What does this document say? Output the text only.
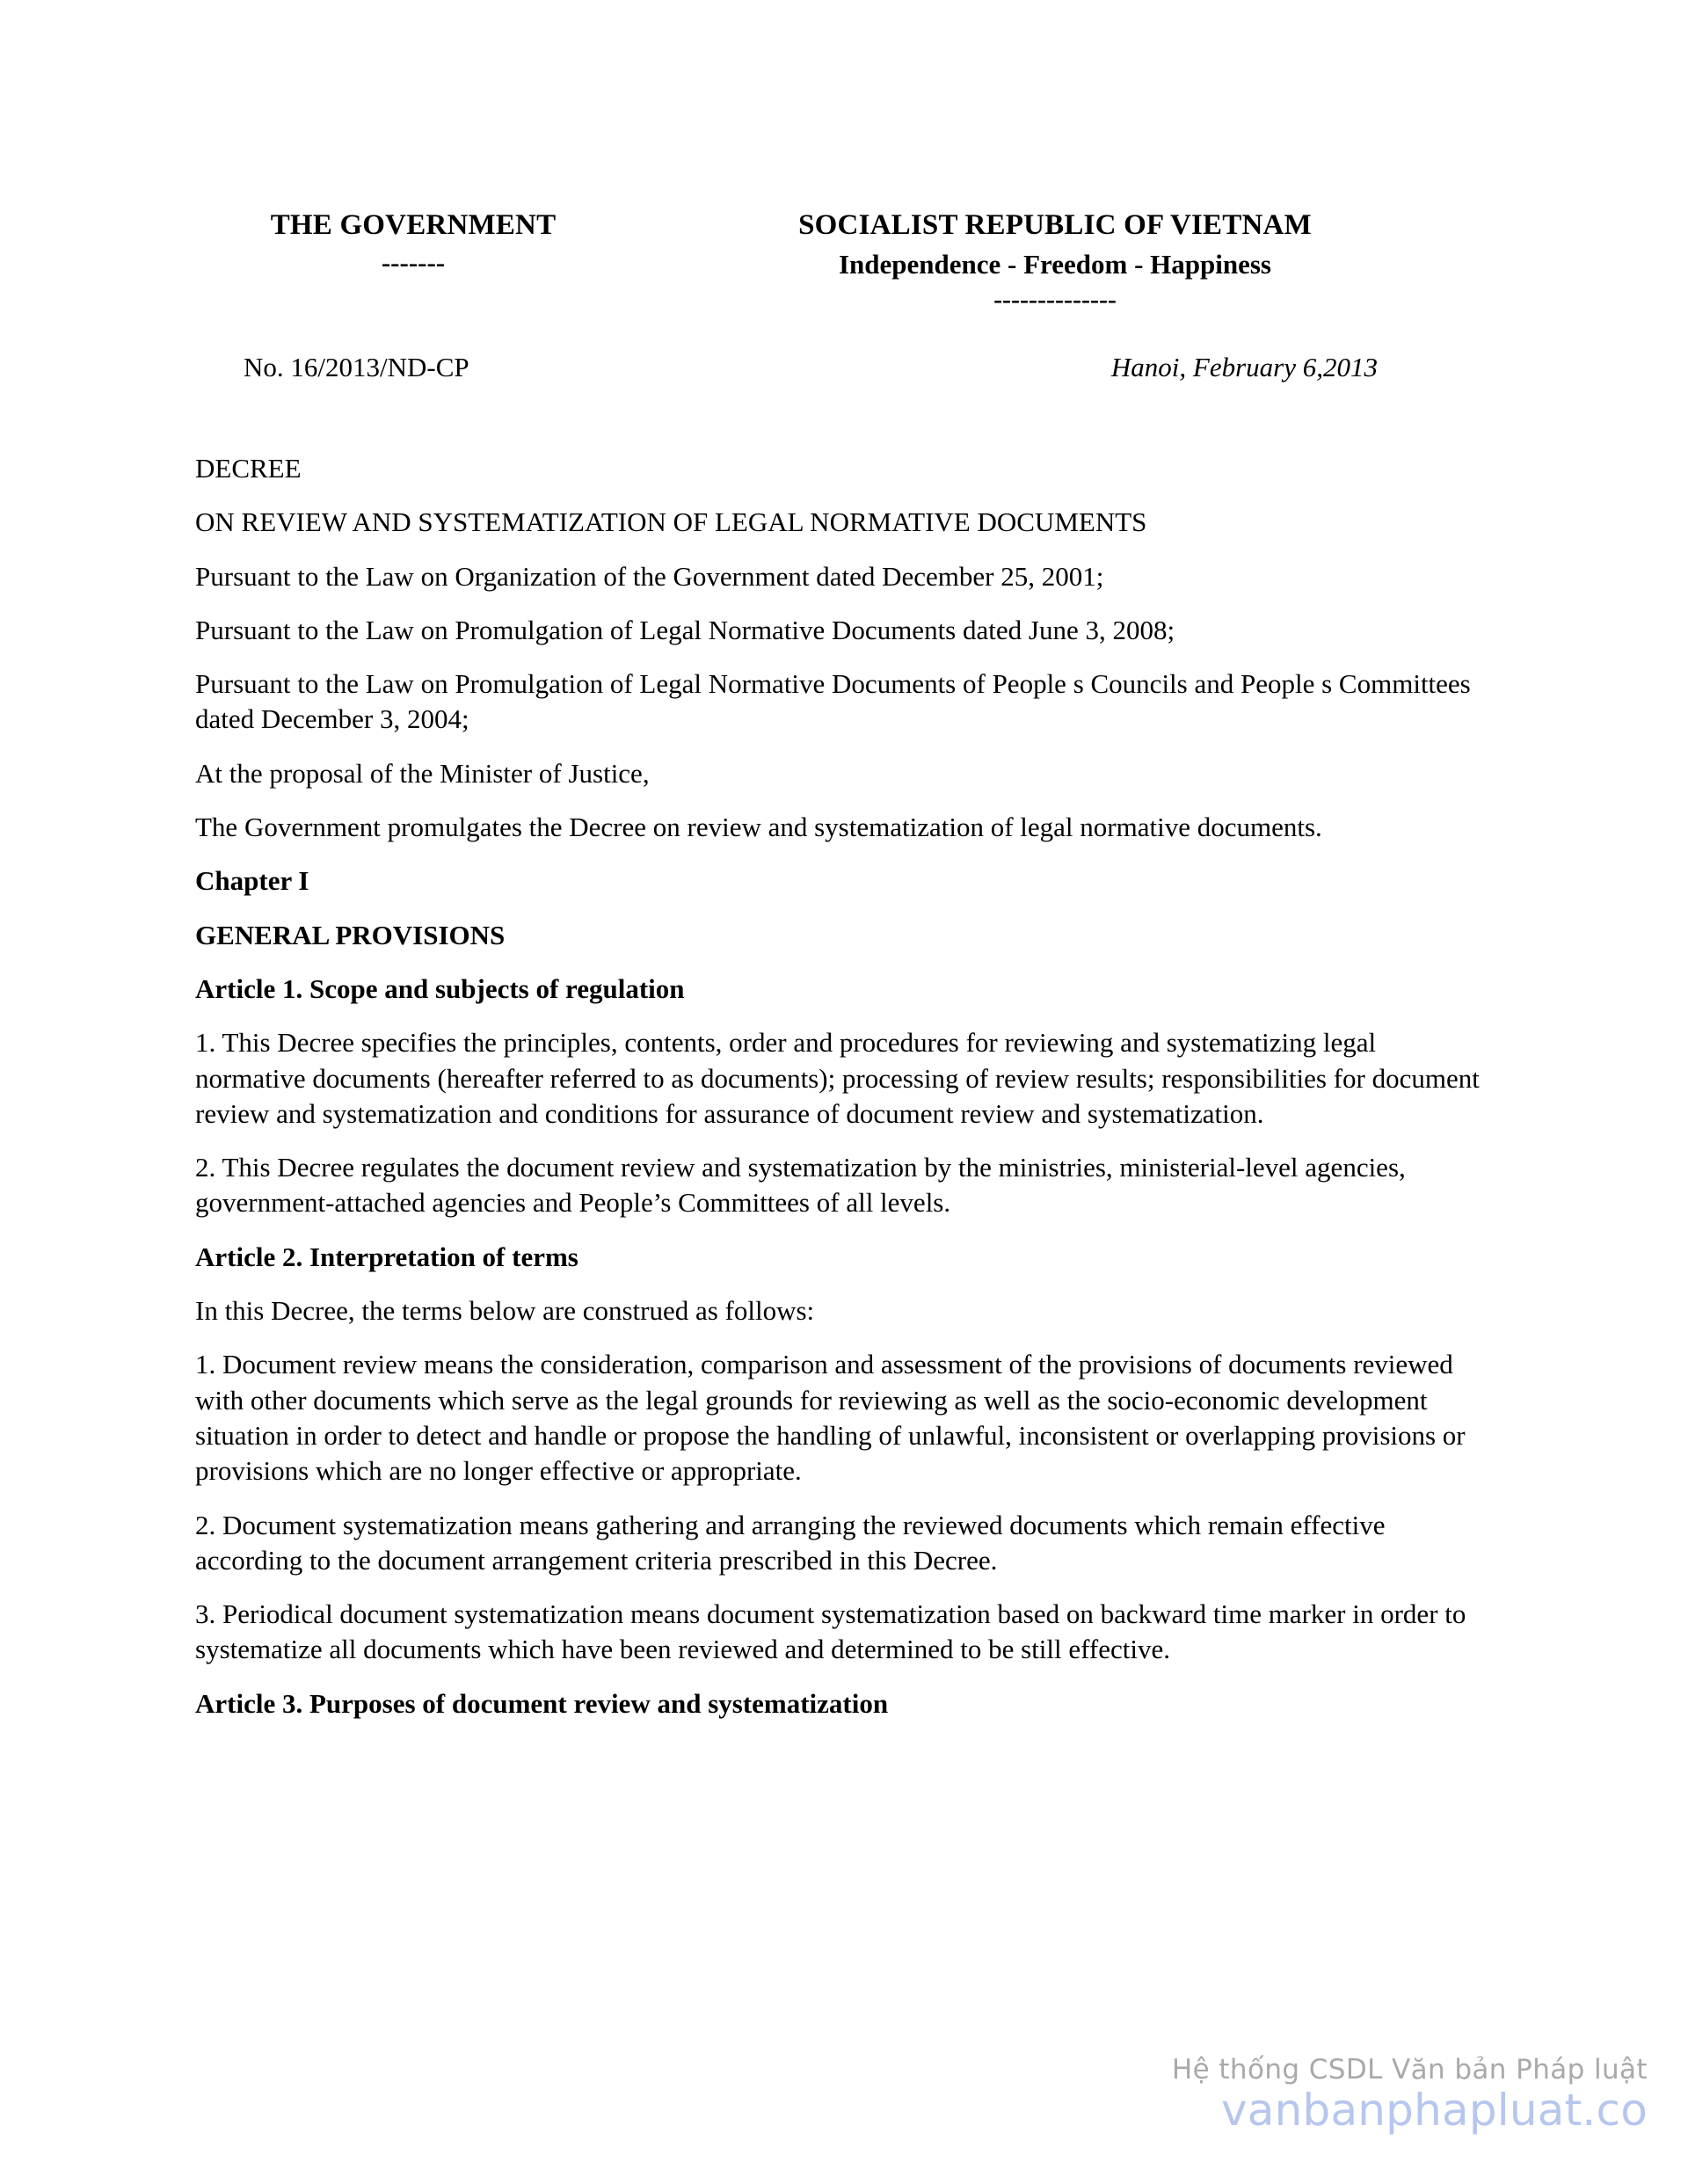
THE GOVERNMENT
-------
SOCIALIST REPUBLIC OF VIETNAM
Independence - Freedom - Happiness
--------------
No. 16/2013/ND-CP	Hanoi, February 6,2013
DECREE
ON REVIEW AND SYSTEMATIZATION OF LEGAL NORMATIVE DOCUMENTS

Pursuant to the Law on Organization of the Government dated December 25, 2001;

Pursuant to the Law on Promulgation of Legal Normative Documents dated June 3, 2008;

Pursuant to the Law on Promulgation of Legal Normative Documents of People s Councils and People s Committees dated December 3, 2004;

At the proposal of the Minister of Justice,

The Government promulgates the Decree on review and systematization of legal normative documents.

Chapter I
GENERAL PROVISIONS
Article 1. Scope and subjects of regulation

1. This Decree specifies the principles, contents, order and procedures for reviewing and systematizing legal normative documents (hereafter referred to as documents); processing of review results; responsibilities for document review and systematization and conditions for assurance of document review and systematization.

2. This Decree regulates the document review and systematization by the ministries, ministerial-level agencies, government-attached agencies and People’s Committees of all levels.

Article 2. Interpretation of terms

In this Decree, the terms below are construed as follows:

1. Document review means the consideration, comparison and assessment of the provisions of documents reviewed with other documents which serve as the legal grounds for reviewing as well as the socio-economic development situation in order to detect and handle or propose the handling of unlawful, inconsistent or overlapping provisions or provisions which are no longer effective or appropriate.

2. Document systematization means gathering and arranging the reviewed documents which remain effective according to the document arrangement criteria prescribed in this Decree.

3. Periodical document systematization means document systematization based on backward time marker in order to systematize all documents which have been reviewed and determined to be still effective.

Article 3. Purposes of document review and systematization
Hệ thống CSDL Văn bản Pháp luật
vanbanphapluat.co
